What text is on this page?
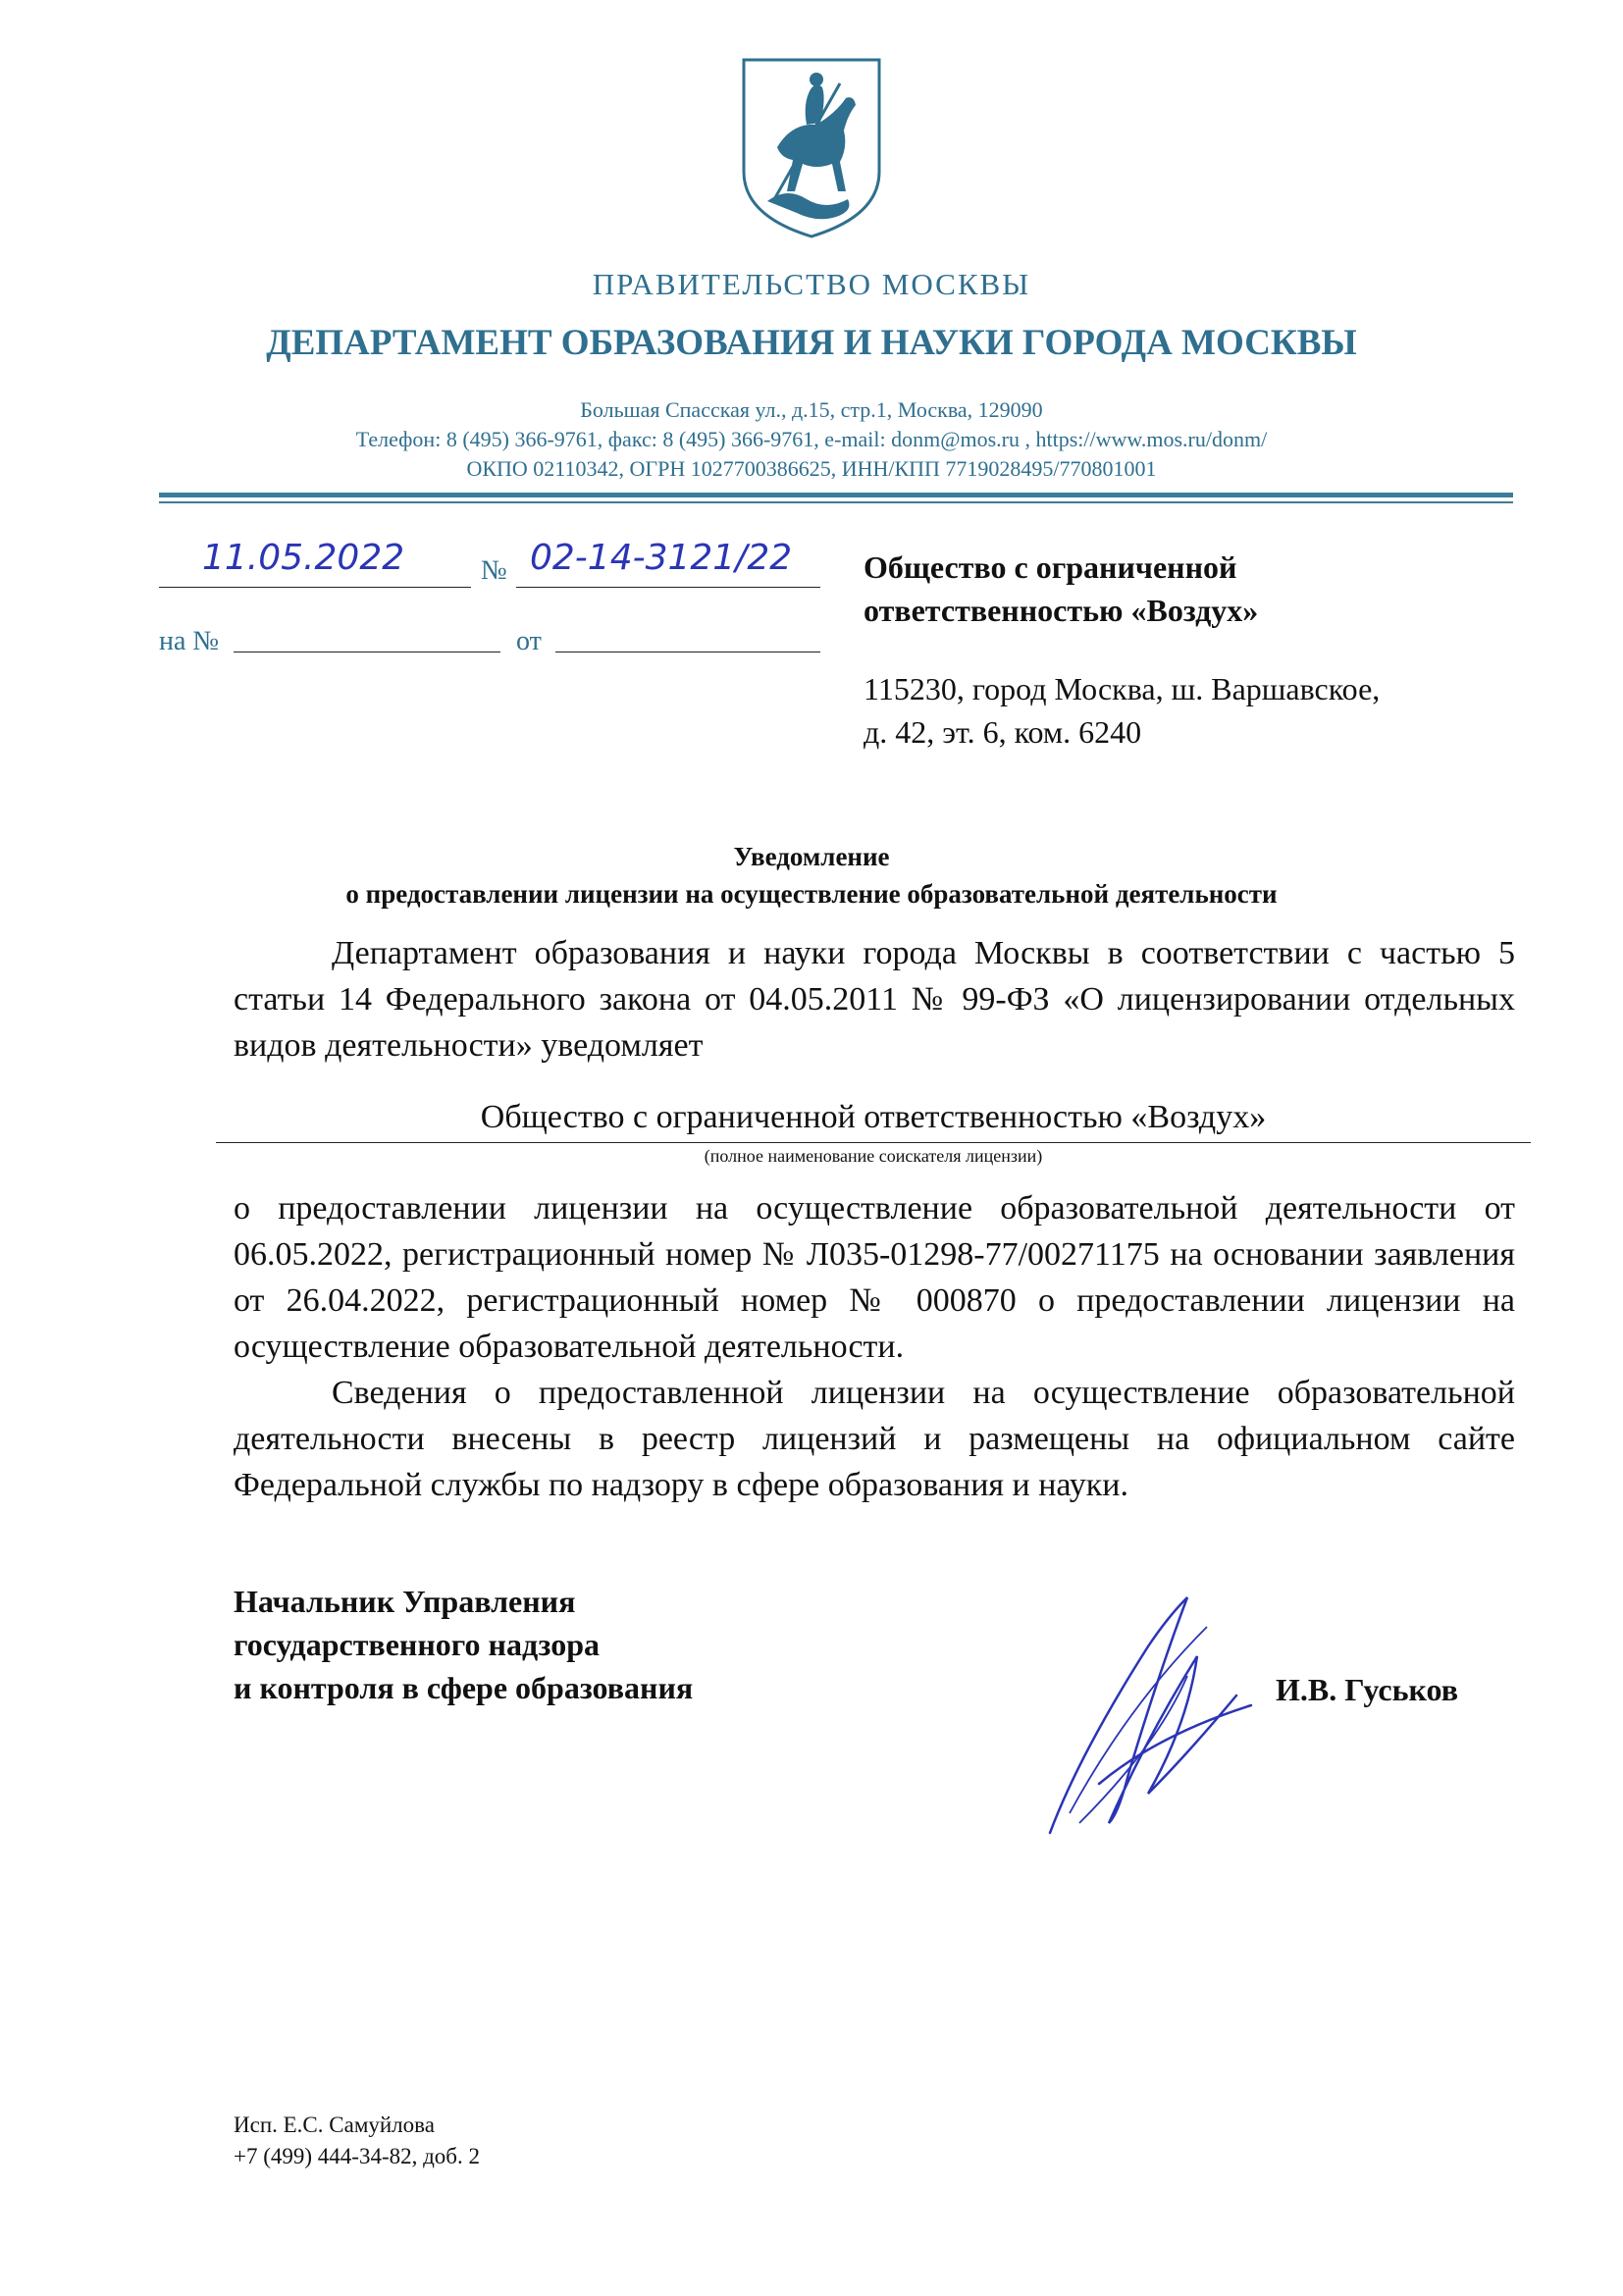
ПРАВИТЕЛЬСТВО МОСКВЫ
ДЕПАРТАМЕНТ ОБРАЗОВАНИЯ И НАУКИ ГОРОДА МОСКВЫ
Большая Спасская ул., д.15, стр.1, Москва, 129090
Телефон: 8 (495) 366-9761, факс: 8 (495) 366-9761, e-mail: donm@mos.ru , https://www.mos.ru/donm/
ОКПО 02110342, ОГРН 1027700386625, ИНН/КПП 7719028495/770801001
11.05.2022	№ 02-14-3121/22
на №	от
Общество с ограниченной
ответственностью «Воздух»
115230, город Москва, ш. Варшавское,
д. 42, эт. 6, ком. 6240
Уведомление
о предоставлении лицензии на осуществление образовательной деятельности
Департамент образования и науки города Москвы в соответствии с частью 5 статьи 14 Федерального закона от 04.05.2011 № 99-ФЗ «О лицензировании отдельных видов деятельности» уведомляет
Общество с ограниченной ответственностью «Воздух»
(полное наименование соискателя лицензии)
о предоставлении лицензии на осуществление образовательной деятельности от 06.05.2022, регистрационный номер № Л035-01298-77/00271175 на основании заявления от 26.04.2022, регистрационный номер № 000870 о предоставлении лицензии на осуществление образовательной деятельности.
Сведения о предоставленной лицензии на осуществление образовательной деятельности внесены в реестр лицензий и размещены на официальном сайте Федеральной службы по надзору в сфере образования и науки.
Начальник Управления
государственного надзора
и контроля в сфере образования	И.В. Гуськов
Исп. Е.С. Самуйлова
+7 (499) 444-34-82, доб. 2
